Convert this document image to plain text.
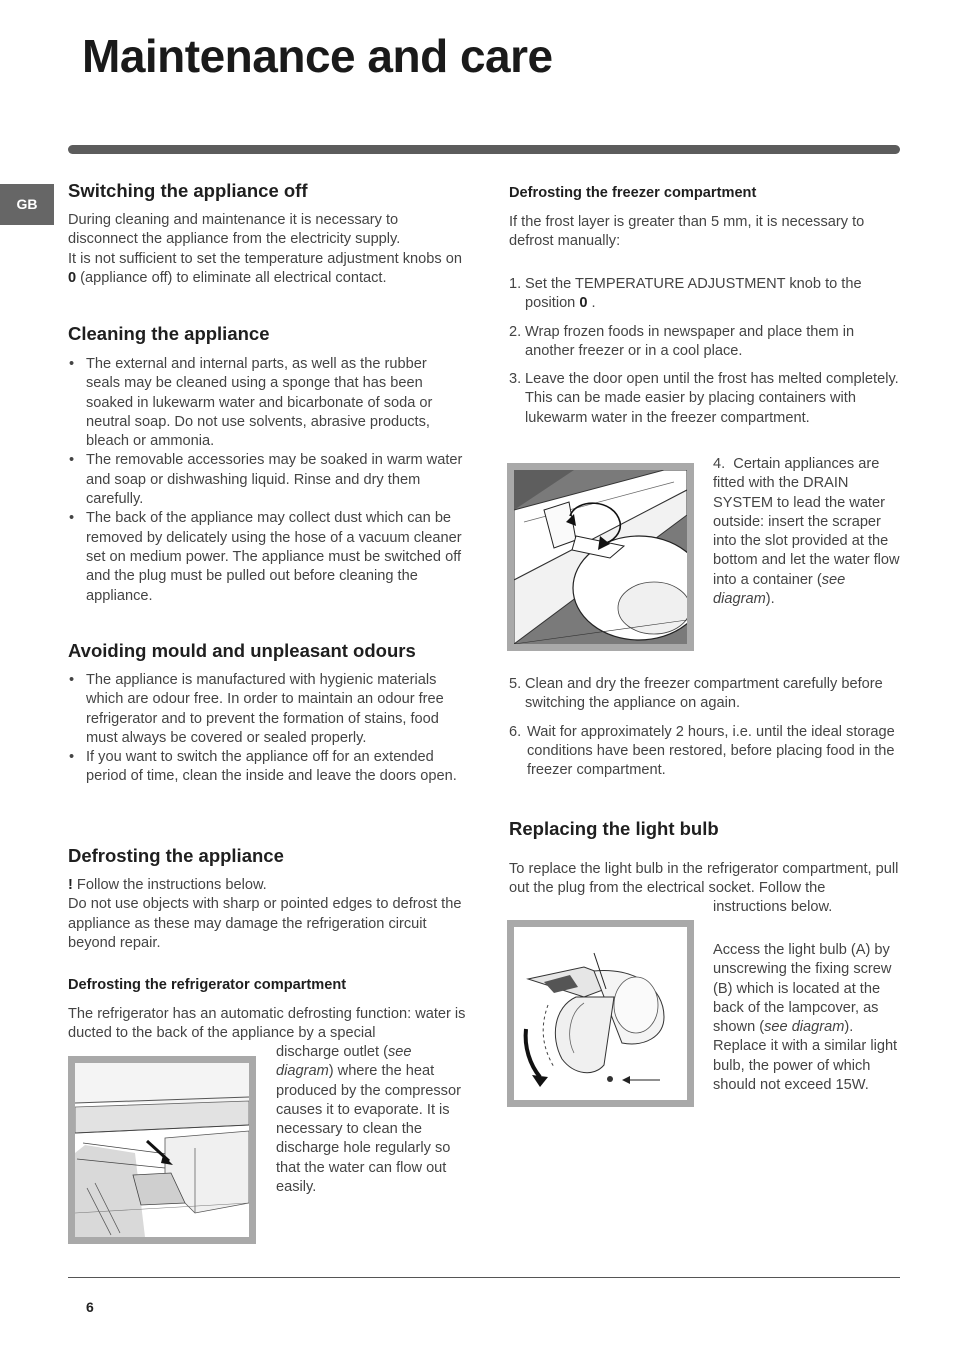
Maintenance and care
GB
Switching the appliance off
During cleaning and maintenance it is necessary to disconnect the appliance from the electricity supply.
It is not sufficient to set the temperature adjustment knobs on 0 (appliance off) to eliminate all electrical contact.
Cleaning the appliance
• The external and internal parts, as well as the rubber seals may be cleaned using a sponge that has been soaked in lukewarm water and bicarbonate of soda or neutral soap. Do not use solvents, abrasive products, bleach or ammonia.
• The removable accessories may be soaked in warm water and soap or dishwashing liquid. Rinse and dry them carefully.
• The back of the appliance may collect dust which can be removed by delicately using the hose of a vacuum cleaner set on medium power. The appliance must be switched off and the plug must be pulled out before cleaning the appliance.
Avoiding mould and unpleasant odours
• The appliance is manufactured with hygienic materials which are odour free. In order to maintain an odour free refrigerator and to prevent the formation of stains, food must always be covered or sealed properly.
• If you want to switch the appliance off for an extended period of time, clean the inside and leave the doors open.
Defrosting the appliance
! Follow the instructions below.
Do not use objects with sharp or pointed edges to defrost the appliance as these may damage the refrigeration circuit beyond repair.
Defrosting the refrigerator compartment
The refrigerator has an automatic defrosting function: water is ducted to the back of the appliance by a special
discharge outlet (see diagram) where the heat produced by the compressor causes it to evaporate. It is necessary to clean the discharge hole regularly so that the water can flow out easily.
Defrosting the freezer compartment
If the frost layer is greater than 5 mm, it is necessary to defrost manually:
1. Set the TEMPERATURE ADJUSTMENT knob to the position 0 .
2. Wrap frozen foods in newspaper and place them in another freezer or in a cool place.
3. Leave the door open until the frost has melted completely. This can be made easier by placing containers with lukewarm water in the freezer compartment.
4. Certain appliances are fitted with the DRAIN SYSTEM to lead the water outside: insert the scraper into the slot provided at the bottom and let the water flow into a container (see diagram).
5. Clean and dry the freezer compartment carefully before switching the appliance on again.
6. Wait for approximately 2 hours, i.e. until the ideal storage conditions have been restored, before placing food in the freezer compartment.
Replacing the light bulb
To replace the light bulb in the refrigerator compartment, pull out the plug from the electrical socket. Follow the
instructions below.
Access the light bulb (A) by unscrewing the fixing screw (B) which is located at the back of the lampcover, as shown (see diagram). Replace it with a similar light bulb, the power of which should not exceed 15W.
6
